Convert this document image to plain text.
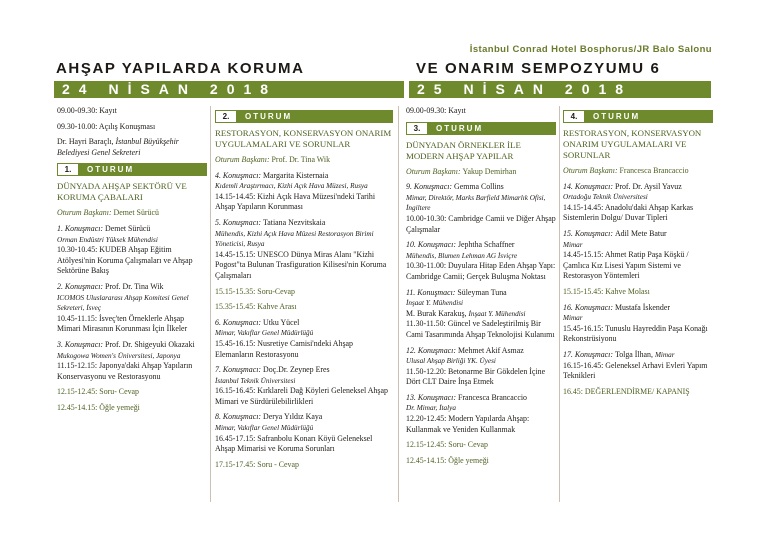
İstanbul Conrad Hotel Bosphorus/JR Balo Salonu
AHŞAP YAPILARDA KORUMA	VE ONARIM SEMPOZYUMU 6
24 NİSAN 2018	25 NİSAN 2018
09.00-09.30: Kayıt
09.30-10.00: Açılış Konuşması
Dr. Hayri Baraçlı, İstanbul Büyükşehir Belediyesi Genel Sekreteri
1.	OTURUM
DÜNYADA AHŞAP SEKTÖRÜ VE KORUMA ÇABALARI
Oturum Başkanı: Demet Sürücü
1. Konuşmacı: Demet Sürücü
Orman Endüstri Yüksek Mühendisi
10.30-10.45: KUDEB Ahşap Eğitim Atölyesi'nin Koruma Çalışmaları ve Ahşap Sektörüne Bakış
2. Konuşmacı: Prof. Dr. Tina Wik
ICOMOS Uluslararası Ahşap Komitesi Genel Sekreteri, İsveç
10.45-11.15: İsveç'ten Örneklerle Ahşap Mimari Mirasının Korunması İçin İlkeler
3. Konuşmacı: Prof. Dr. Shigeyuki Okazaki
Mukogowa Women's Üniversitesi, Japonya
11.15-12.15: Japonya'daki Ahşap Yapıların Konservasyonu ve Restorasyonu
12.15-12.45: Soru- Cevap
12.45-14.15: Öğle yemeği
2.	OTURUM
RESTORASYON, KONSERVASYON ONARIM UYGULAMALARI VE SORUNLAR
Oturum Başkanı: Prof. Dr. Tina Wik
4. Konuşmacı: Margarita Kisternaia
Kıdemli Araştırmacı, Kizhi Açık Hava Müzesi, Rusya
14.15-14.45: Kizhi Açık Hava Müzesi'ndeki Tarihi Ahşap Yapıların Korunması
5. Konuşmacı: Tatiana Nezvitskaia
Mühendis, Kizhi Açık Hava Müzesi Restorasyon Birimi Yöneticisi, Rusya
14.45-15.15: UNESCO Dünya Miras Alanı "Kizhi Pogost"ta Bulunan Trasfiguration Kilisesi'nin Koruma Çalışmaları
15.15-15.35: Soru-Cevap
15.35-15.45: Kahve Arası
6. Konuşmacı: Utku Yücel
Mimar, Vakıflar Genel Müdürlüğü
15.45-16.15: Nusretiye Camisi'ndeki Ahşap Elemanların Restorasyonu
7. Konuşmacı: Doç.Dr. Zeynep Eres
İstanbul Teknik Üniversitesi
16.15-16.45: Kırklareli Dağ Köyleri Geleneksel Ahşap Mimari ve Sürdürülebilirlikleri
8. Konuşmacı: Derya Yıldız Kaya
Mimar, Vakıflar Genel Müdürlüğü
16.45-17.15: Safranbolu Konarı Köyü Geleneksel Ahşap Mimarisi ve Koruma Sorunları
17.15-17.45: Soru - Cevap
09.00-09.30: Kayıt
3.	OTURUM
DÜNYADAN ÖRNEKLER İLE MODERN AHŞAP YAPILAR
Oturum Başkanı: Yakup Demirhan
9. Konuşmacı: Gemma Collins
Mimar, Direktör, Marks Barfield Mimarlık Ofisi, İngiltere
10.00-10.30: Cambridge Camii ve Diğer Ahşap Çalışmalar
10. Konuşmacı: Jephtha Schaffner
Mühendis, Blumen Lehman AG İsviçre
10.30-11.00: Duyulara Hitap Eden Ahşap Yapı: Cambridge Camii; Gerçek Buluşma Noktası
11. Konuşmacı: Süleyman Tuna
İnşaat Y. Mühendisi
M. Burak Karakuş, İnşaat Y. Mühendisi
11.30-11.50: Güncel ve Sadeleştirilmiş Bir Cami Tasarımında Ahşap Teknolojisi Kulanımı
12. Konuşmacı: Mehmet Akif Asmaz
Ulusal Ahşap Birliği YK. Üyesi
11.50-12.20: Betonarme Bir Gökdelen İçine Dört CLT Daire İnşa Etmek
13. Konuşmacı: Francesca Brancaccio
Dr. Mimar, İtalya
12.20-12.45: Modern Yapılarda Ahşap: Kullanmak ve Yeniden Kullanmak
12.15-12.45: Soru- Cevap
12.45-14.15: Öğle yemeği
4.	OTURUM
RESTORASYON, KONSERVASYON ONARIM UYGULAMALARI VE SORUNLAR
Oturum Başkanı: Francesca Brancaccio
14. Konuşmacı: Prof. Dr. Aysil Yavuz
Ortadoğu Teknik Üniversitesi
14.15-14.45: Anadolu'daki Ahşap Karkas Sistemlerin Dolgu/ Duvar Tipleri
15. Konuşmacı: Adil Mete Batur
Mimar
14.45-15.15: Ahmet Ratip Paşa Köşkü / Çamlıca Kız Lisesi Yapım Sistemi ve Restorasyon Yöntemleri
15.15-15.45: Kahve Molası
16. Konuşmacı: Mustafa İskender
Mimar
15.45-16.15: Tunuslu Hayreddin Paşa Konağı Rekonstrüsiyonu
17. Konuşmacı: Tolga İlhan, Mimar
16.15-16.45: Geleneksel Arhavi Evleri Yapım Teknikleri
16.45: DEĞERLENDİRME/ KAPANIŞ
